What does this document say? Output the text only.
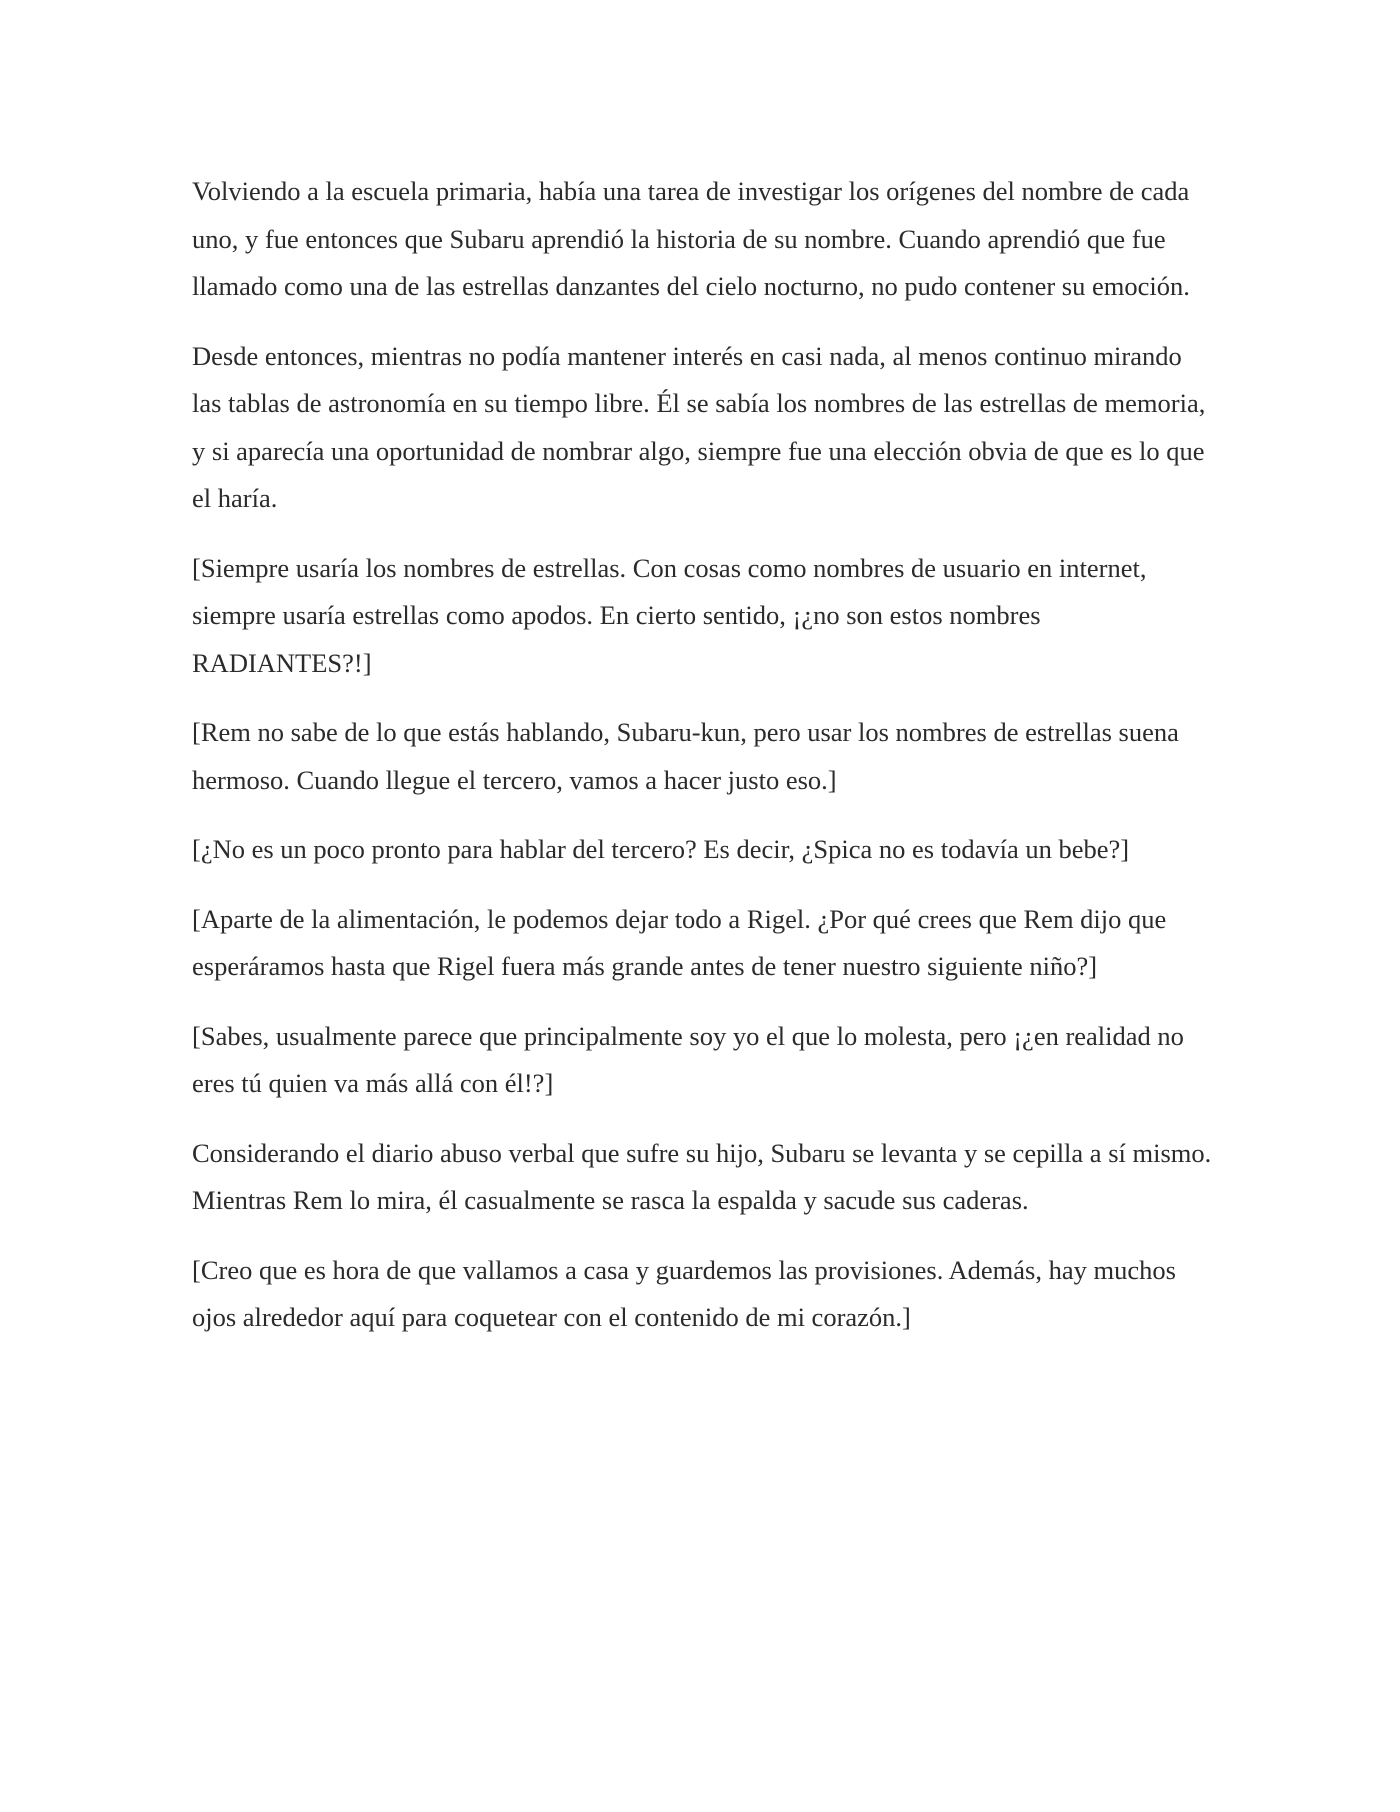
Volviendo a la escuela primaria, había una tarea de investigar los orígenes del nombre de cada uno, y fue entonces que Subaru aprendió la historia de su nombre. Cuando aprendió que fue llamado como una de las estrellas danzantes del cielo nocturno, no pudo contener su emoción.

Desde entonces, mientras no podía mantener interés en casi nada, al menos continuo mirando las tablas de astronomía en su tiempo libre. Él se sabía los nombres de las estrellas de memoria, y si aparecía una oportunidad de nombrar algo, siempre fue una elección obvia de que es lo que el haría.

[Siempre usaría los nombres de estrellas. Con cosas como nombres de usuario en internet, siempre usaría estrellas como apodos. En cierto sentido, ¡¿no son estos nombres RADIANTES?!]

[Rem no sabe de lo que estás hablando, Subaru-kun, pero usar los nombres de estrellas suena hermoso. Cuando llegue el tercero, vamos a hacer justo eso.]

[¿No es un poco pronto para hablar del tercero? Es decir, ¿Spica no es todavía un bebe?]

[Aparte de la alimentación, le podemos dejar todo a Rigel. ¿Por qué crees que Rem dijo que esperáramos hasta que Rigel fuera más grande antes de tener nuestro siguiente niño?]

[Sabes, usualmente parece que principalmente soy yo el que lo molesta, pero ¡¿en realidad no eres tú quien va más allá con él!?]

Considerando el diario abuso verbal que sufre su hijo, Subaru se levanta y se cepilla a sí mismo. Mientras Rem lo mira, él casualmente se rasca la espalda y sacude sus caderas.

[Creo que es hora de que vallamos a casa y guardemos las provisiones. Además, hay muchos ojos alrededor aquí para coquetear con el contenido de mi corazón.]
